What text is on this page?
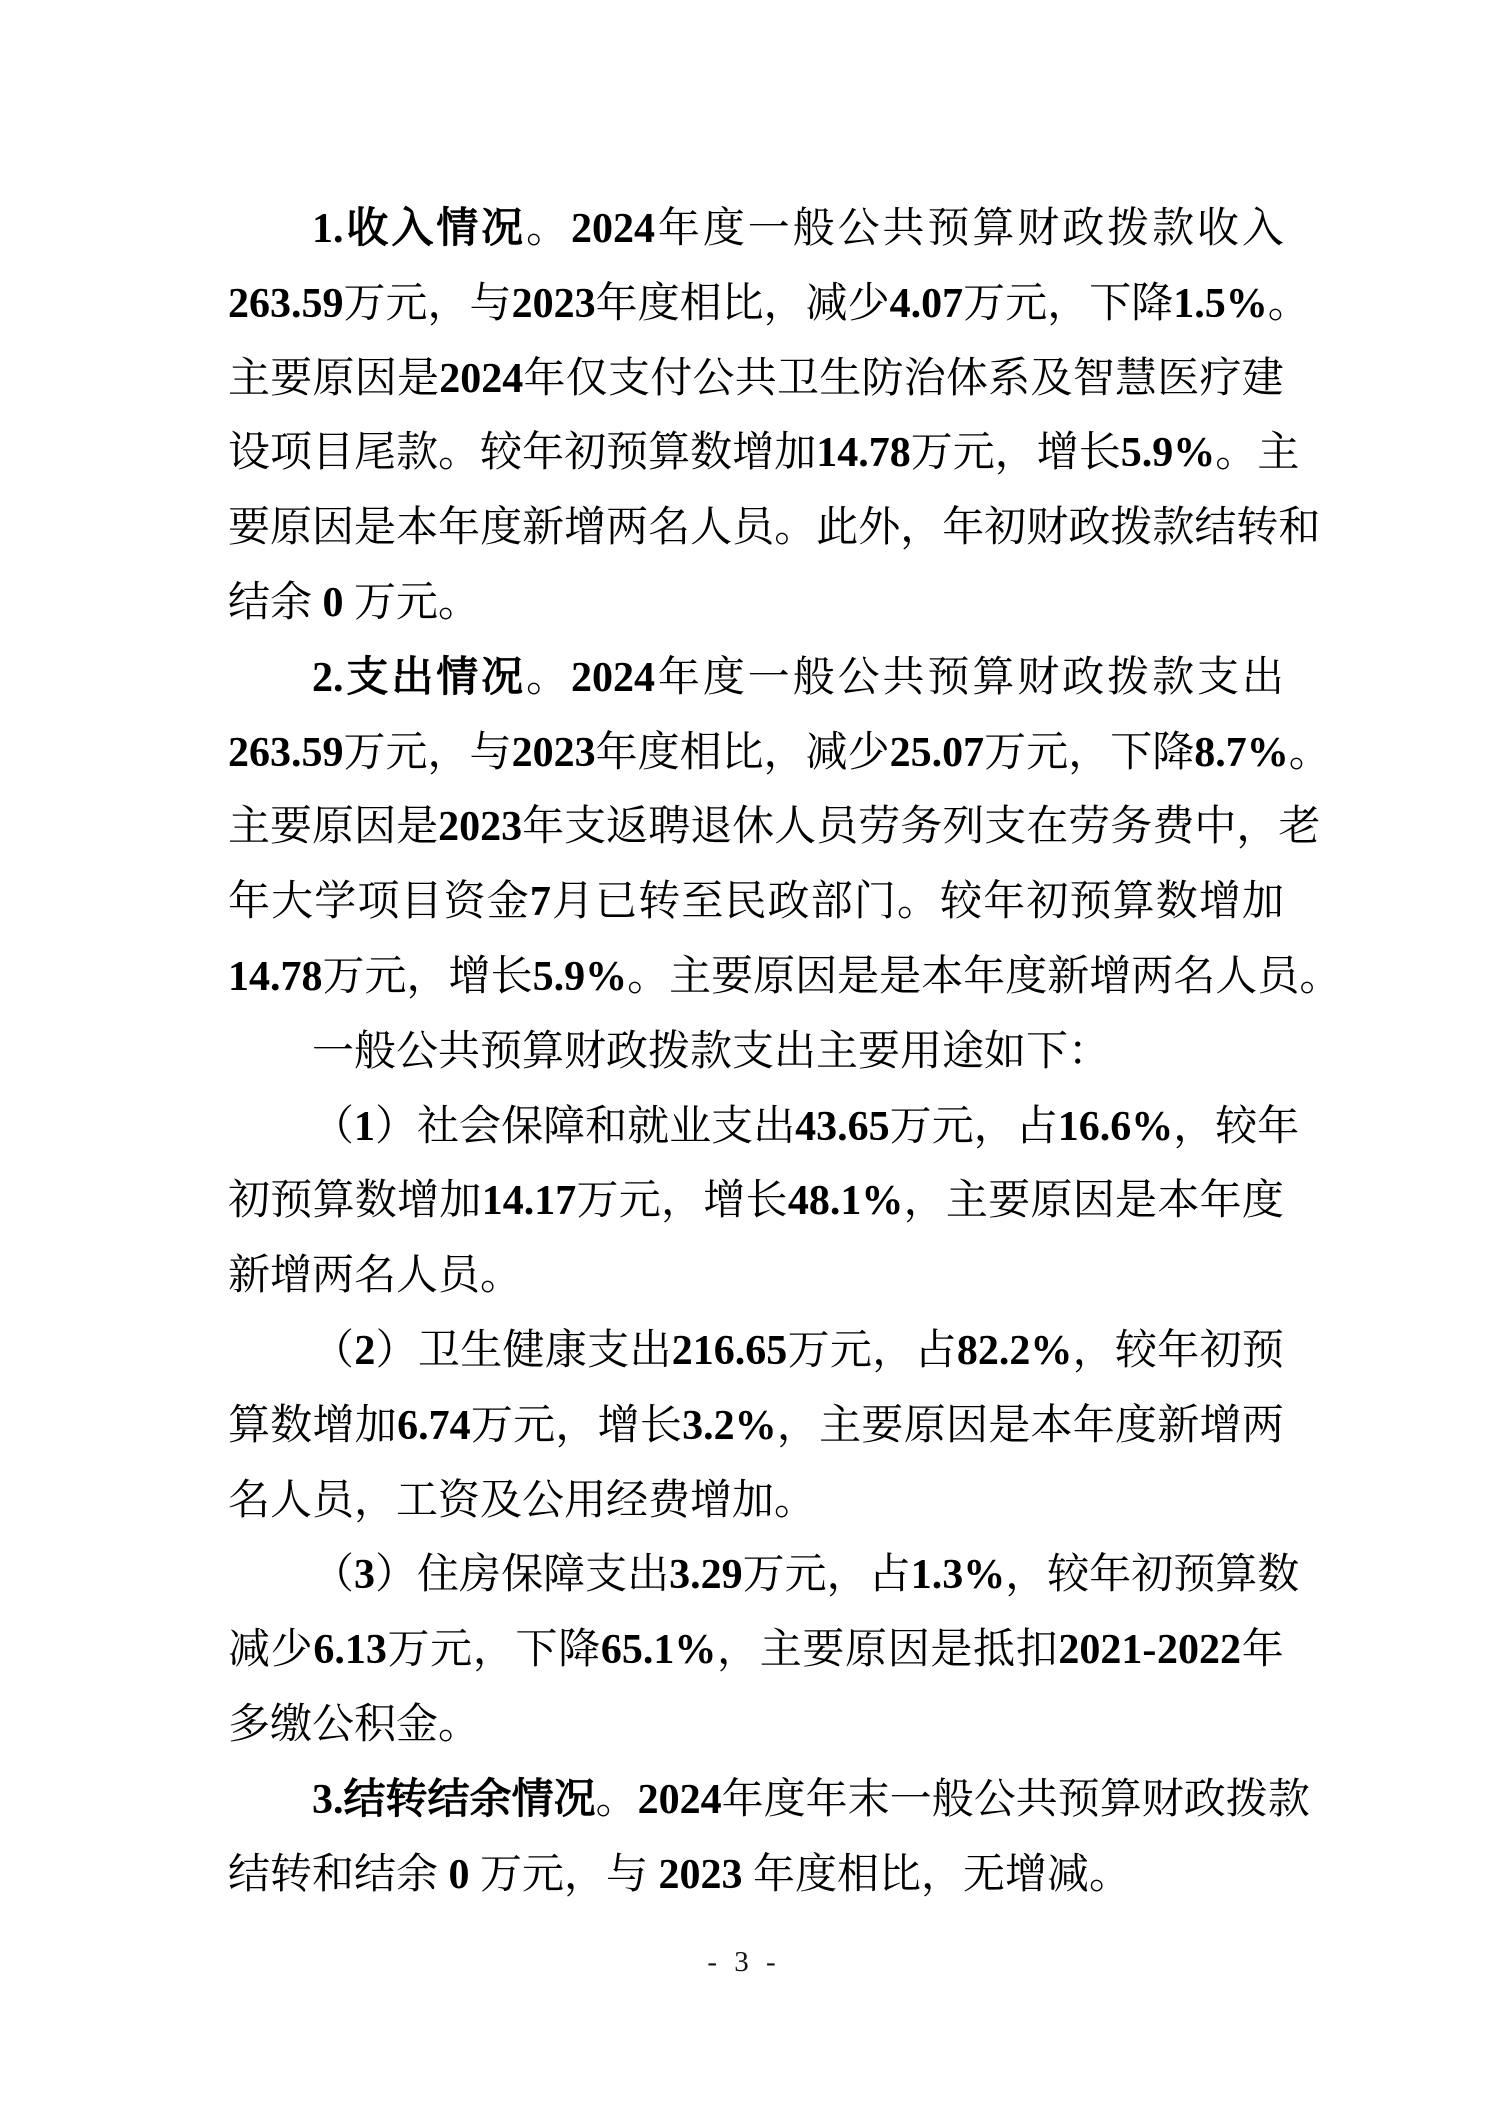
1. 收 入 情 况 。 2024 年 度 一 般 公 共 预 算 财 政 拨 款 收 入
263.59 万 元 ， 与 2023 年 度 相 比 ， 减 少 4.07 万 元 ， 下 降 1.5% 。
主 要 原 因 是 2024 年 仅 支 付 公 共 卫 生 防 治 体 系 及 智 慧 医 疗 建
设 项 目 尾 款 。 较 年 初 预 算 数 增 加 14.78 万 元 ， 增 长 5.9% 。 主
要 原 因 是 本 年 度 新 增 两 名 人 员 。 此 外 ， 年 初 财 政 拨 款 结 转 和
结余 0 万元。
2. 支 出 情 况 。 2024 年 度 一 般 公 共 预 算 财 政 拨 款 支 出
263.59 万 元 ， 与 2023 年 度 相 比 ， 减 少 25.07 万 元 ， 下 降 8.7% 。
主 要 原 因 是 2023 年 支 返 聘 退 休 人 员 劳 务 列 支 在 劳 务 费 中 ， 老
年 大 学 项 目 资 金 7 月 已 转 至 民 政 部 门 。 较 年 初 预 算 数 增 加
14.78 万 元 ， 增 长 5.9% 。 主 要 原 因 是 是 本 年 度 新 增 两 名 人 员 。
一般公共预算财政拨款支出主要用途如下：
（ 1 ） 社 会 保 障 和 就 业 支 出 43.65 万 元 ， 占 16.6% ， 较 年
初 预 算 数 增 加 14.17 万 元 ， 增 长 48.1% ， 主 要 原 因 是 本 年 度
新增两名人员。
（ 2 ） 卫 生 健 康 支 出 216.65 万 元 ， 占 82.2% ， 较 年 初 预
算 数 增 加 6.74 万 元 ， 增 长 3.2% ， 主 要 原 因 是 本 年 度 新 增 两
名人员，工资及公用经费增加。
（ 3 ） 住 房 保 障 支 出 3.29 万 元 ， 占 1.3% ， 较 年 初 预 算 数
减 少 6.13 万 元 ， 下 降 65.1% ， 主 要 原 因 是 抵 扣 2021- 2022 年
多缴公积金。
3. 结 转 结 余 情 况 。 2024 年 度 年 末 一 般 公 共 预 算 财 政 拨 款
结转和结余 0 万元，与 2023 年度相比，无增减。
- 3 -
